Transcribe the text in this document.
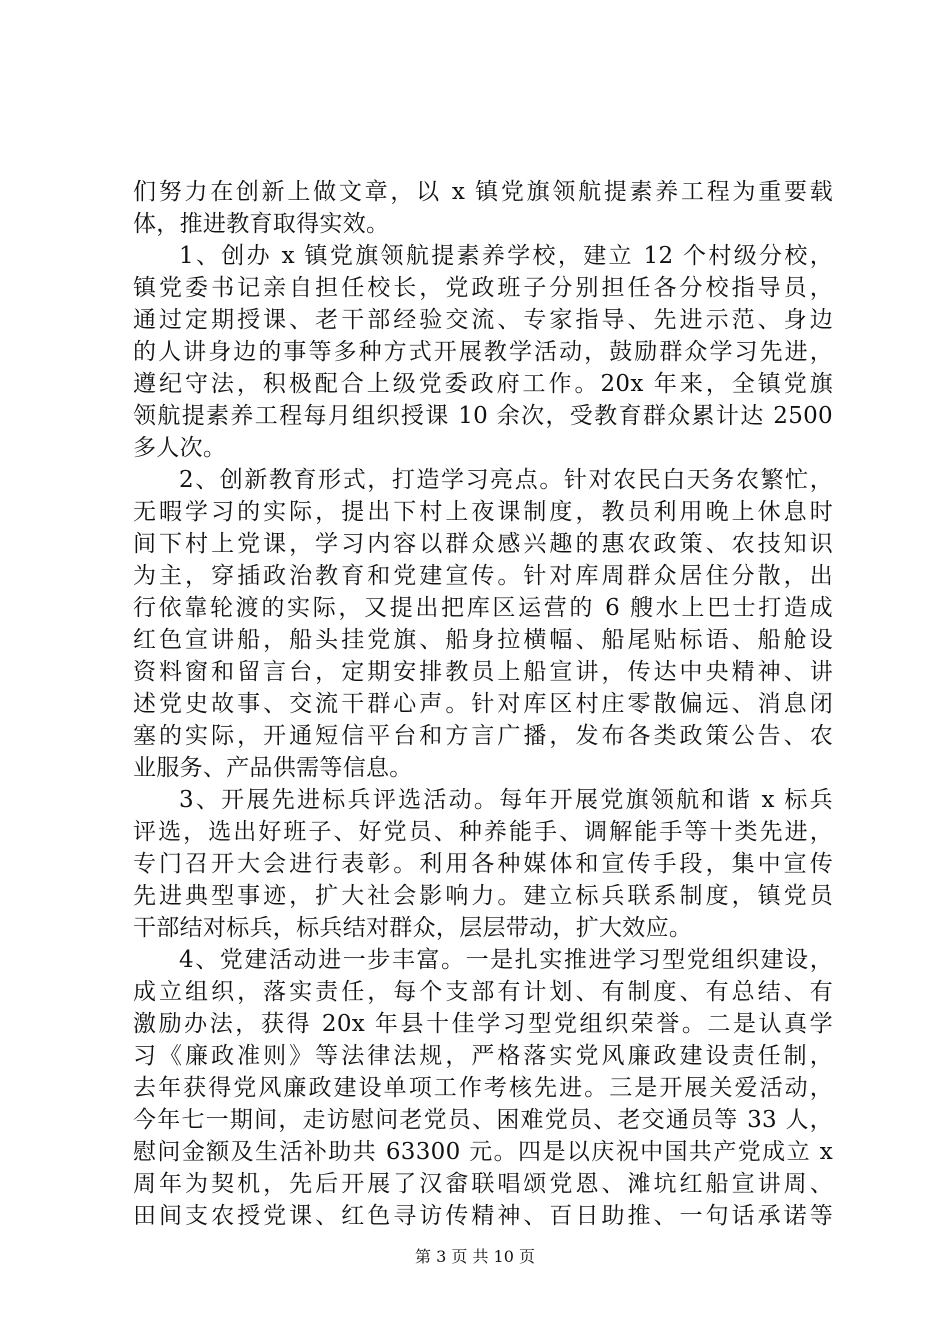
们努力在创新上做文章，以 x 镇党旗领航提素养工程为重要载
体，推进教育取得实效。
1、创办 x 镇党旗领航提素养学校，建立 12 个村级分校，
镇党委书记亲自担任校长，党政班子分别担任各分校指导员，
通过定期授课、老干部经验交流、专家指导、先进示范、身边
的人讲身边的事等多种方式开展教学活动，鼓励群众学习先进，
遵纪守法，积极配合上级党委政府工作。20x 年来，全镇党旗
领航提素养工程每月组织授课 10 余次，受教育群众累计达 2500
多人次。
2、创新教育形式，打造学习亮点。针对农民白天务农繁忙，
无暇学习的实际，提出下村上夜课制度，教员利用晚上休息时
间下村上党课，学习内容以群众感兴趣的惠农政策、农技知识
为主，穿插政治教育和党建宣传。针对库周群众居住分散，出
行依靠轮渡的实际，又提出把库区运营的 6 艘水上巴士打造成
红色宣讲船，船头挂党旗、船身拉横幅、船尾贴标语、船舱设
资料窗和留言台，定期安排教员上船宣讲，传达中央精神、讲
述党史故事、交流干群心声。针对库区村庄零散偏远、消息闭
塞的实际，开通短信平台和方言广播，发布各类政策公告、农
业服务、产品供需等信息。
3、开展先进标兵评选活动。每年开展党旗领航和谐 x 标兵
评选，选出好班子、好党员、种养能手、调解能手等十类先进，
专门召开大会进行表彰。利用各种媒体和宣传手段，集中宣传
先进典型事迹，扩大社会影响力。建立标兵联系制度，镇党员
干部结对标兵，标兵结对群众，层层带动，扩大效应。
4、党建活动进一步丰富。一是扎实推进学习型党组织建设，
成立组织，落实责任，每个支部有计划、有制度、有总结、有
激励办法，获得 20x 年县十佳学习型党组织荣誉。二是认真学
习《廉政准则》等法律法规，严格落实党风廉政建设责任制，
去年获得党风廉政建设单项工作考核先进。三是开展关爱活动，
今年七一期间，走访慰问老党员、困难党员、老交通员等 33 人，
慰问金额及生活补助共 63300 元。四是以庆祝中国共产党成立 x
周年为契机，先后开展了汉畲联唱颂党恩、滩坑红船宣讲周、
田间支农授党课、红色寻访传精神、百日助推、一句话承诺等
第 3 页 共 10 页
